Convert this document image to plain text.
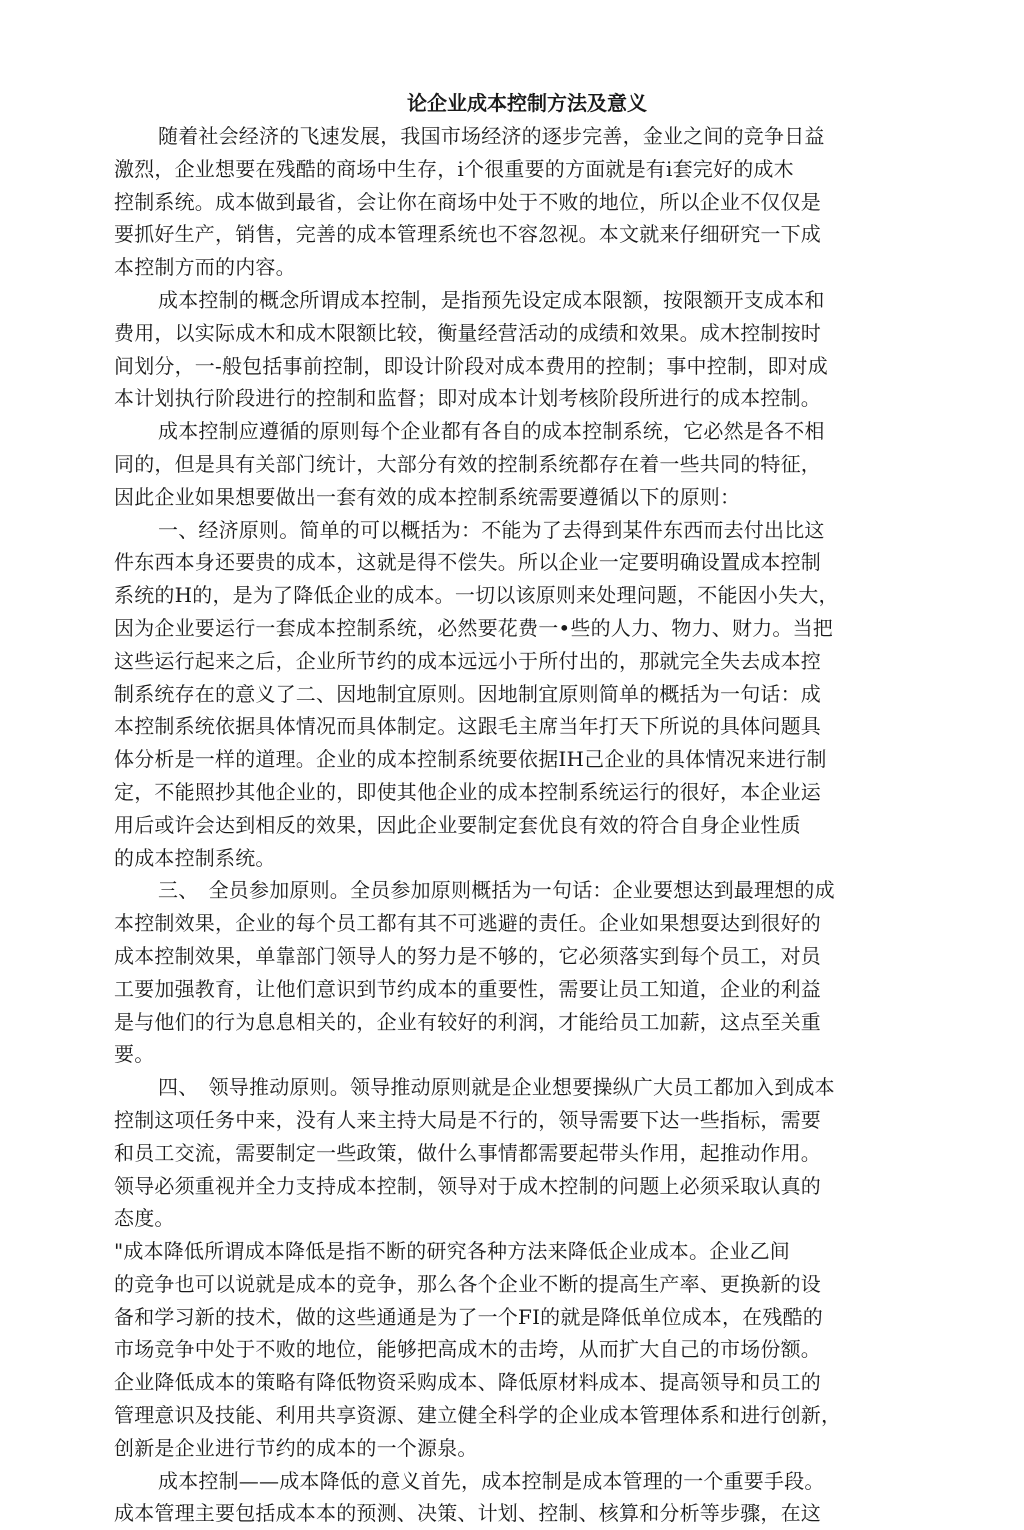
论企业成本控制方法及意义

随着社会经济的飞速发展，我国市场经济的逐步完善，金业之间的竞争日益

激烈，企业想要在残酷的商场中生存，i个很重要的方面就是有i套完好的成木

控制系统。成本做到最省，会让你在商场中处于不败的地位，所以企业不仅仅是

要抓好生产，销售，完善的成本管理系统也不容忽视。本文就来仔细研究一下成

本控制方而的内容。

成本控制的概念所谓成本控制，是指预先设定成本限额，按限额开支成本和

费用，以实际成木和成木限额比较，衡量经营活动的成绩和效果。成木控制按时

间划分，一-般包括事前控制，即设计阶段对成本费用的控制；事中控制，即对成

本计划执行阶段进行的控制和监督；即对成本计划考核阶段所进行的成本控制。

成本控制应遵循的原则每个企业都有各自的成本控制系统，它必然是各不相

同的，但是具有关部门统计，大部分有效的控制系统都存在着一些共同的特征，

因此企业如果想要做出一套有效的成本控制系统需要遵循以下的原则：

一、经济原则。简单的可以概括为：不能为了去得到某件东西而去付出比这

件东西本身还要贵的成本，这就是得不偿失。所以企业一定要明确设置成本控制

系统的H的，是为了降低企业的成本。一切以该原则来处理问题，不能因小失大，

因为企业要运行一套成本控制系统，必然要花费一•些的人力、物力、财力。当把

这些运行起来之后，企业所节约的成本远远小于所付出的，那就完全失去成本控

制系统存在的意义了二、因地制宜原则。因地制宜原则简单的概括为一句话：成

本控制系统依据具体情况而具体制定。这跟毛主席当年打天下所说的具体问题具

体分析是一样的道理。企业的成本控制系统要依据IH己企业的具体情况来进行制

定，不能照抄其他企业的，即使其他企业的成本控制系统运行的很好，本企业运

用后或许会达到相反的效果，因此企业要制定套优良有效的符合自身企业性质

的成本控制系统。

三、　全员参加原则。全员参加原则概括为一句话：企业要想达到最理想的成

本控制效果，企业的每个员工都有其不可逃避的责任。企业如果想耍达到很好的

成本控制效果，单靠部门领导人的努力是不够的，它必须落实到每个员工，对员

工要加强教育，让他们意识到节约成本的重要性，需要让员工知道，企业的利益

是与他们的行为息息相关的，企业有较好的利润，才能给员工加薪，这点至关重

要。

四、　领导推动原则。领导推动原则就是企业想要操纵广大员工都加入到成本

控制这项任务中来，没有人来主持大局是不行的，领导需要下达一些指标，需要

和员工交流，需要制定一些政策，做什么事情都需要起带头作用，起推动作用。

领导必须重视并全力支持成本控制，领导对于成木控制的问题上必须采取认真的

态度。

"成本降低所谓成本降低是指不断的研究各种方法来降低企业成本。企业乙间

的竞争也可以说就是成本的竞争，那么各个企业不断的提高生产率、更换新的设

备和学习新的技术，做的这些通通是为了一个FI的就是降低单位成本，在残酷的

市场竞争中处于不败的地位，能够把高成木的击垮，从而扩大自己的市场份额。

企业降低成本的策略有降低物资采购成本、降低原材料成本、提高领导和员工的

管理意识及技能、利用共享资源、建立健全科学的企业成本管理体系和进行创新，

创新是企业进行节约的成本的一个源泉。

成本控制——成本降低的意义首先，成本控制是成本管理的一个重要手段。

成本管理主要包括成本本的预测、决策、计划、控制、核算和分析等步骤，在这
